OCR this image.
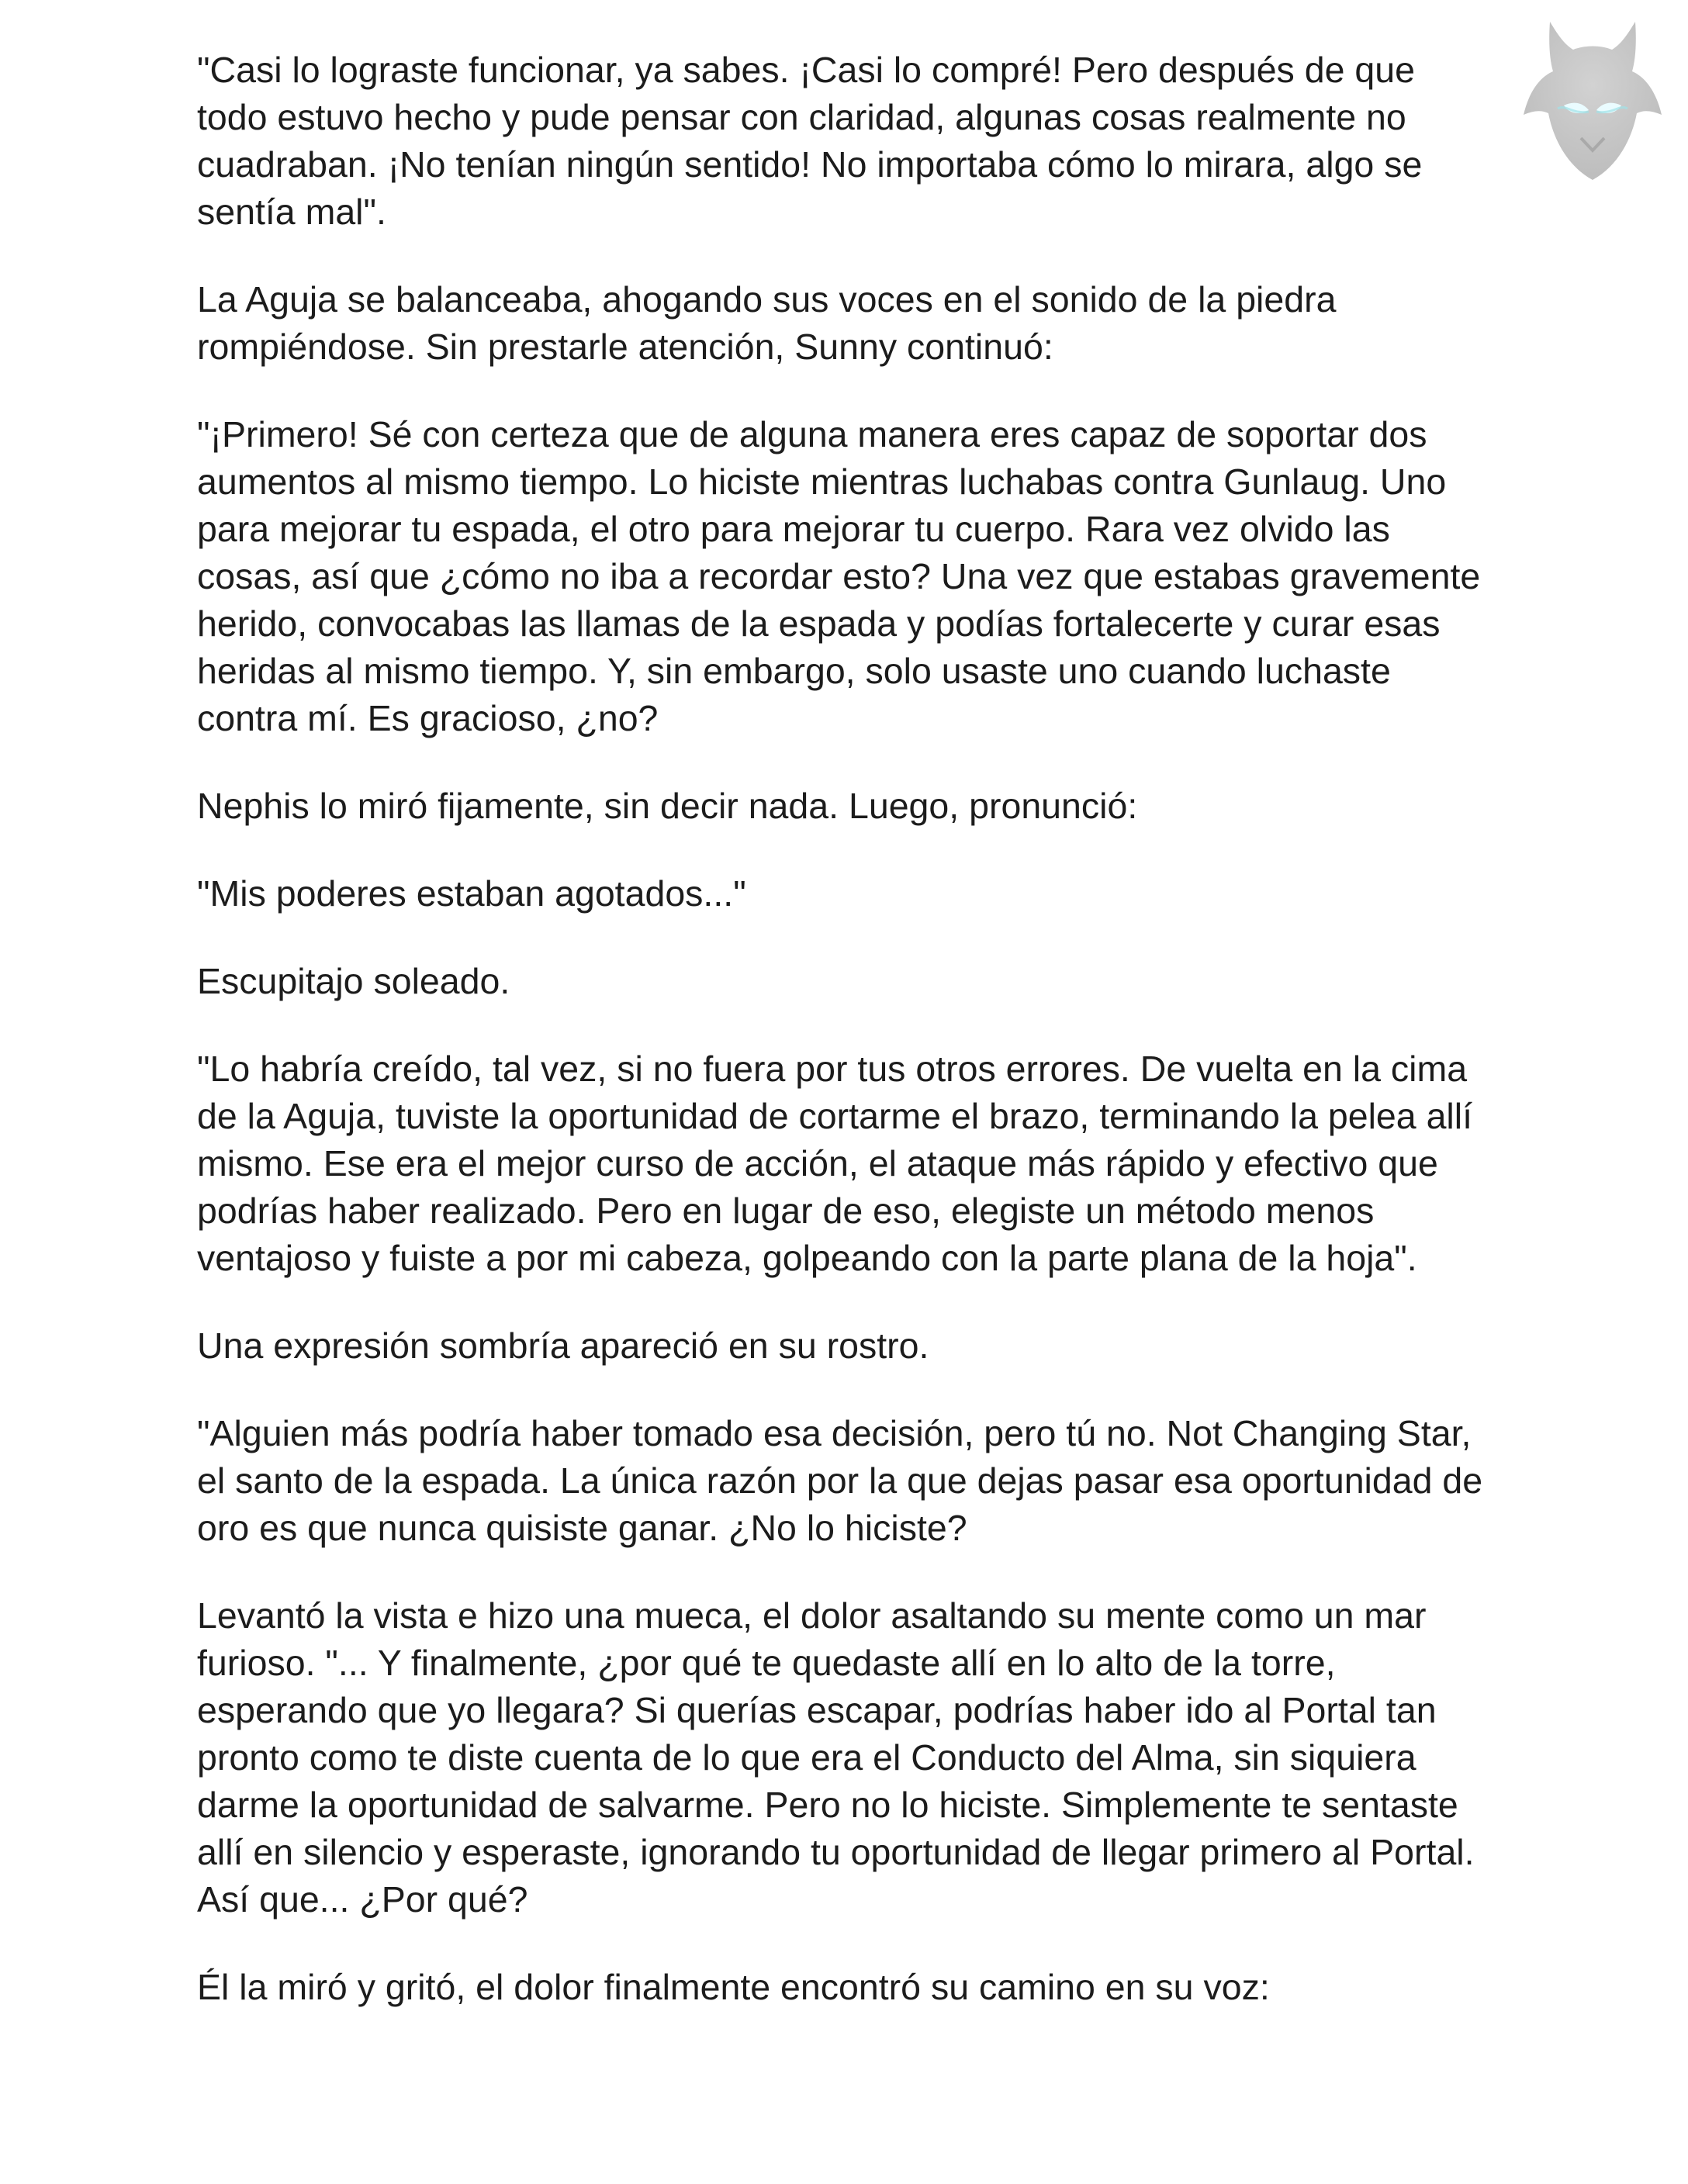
"Casi lo lograste funcionar, ya sabes. ¡Casi lo compré! Pero después de que todo estuvo hecho y pude pensar con claridad, algunas cosas realmente no cuadraban. ¡No tenían ningún sentido! No importaba cómo lo mirara, algo se sentía mal".

La Aguja se balanceaba, ahogando sus voces en el sonido de la piedra rompiéndose. Sin prestarle atención, Sunny continuó:

"¡Primero! Sé con certeza que de alguna manera eres capaz de soportar dos aumentos al mismo tiempo. Lo hiciste mientras luchabas contra Gunlaug. Uno para mejorar tu espada, el otro para mejorar tu cuerpo. Rara vez olvido las cosas, así que ¿cómo no iba a recordar esto? Una vez que estabas gravemente herido, convocabas las llamas de la espada y podías fortalecerte y curar esas heridas al mismo tiempo. Y, sin embargo, solo usaste uno cuando luchaste contra mí. Es gracioso, ¿no?

Nephis lo miró fijamente, sin decir nada. Luego, pronunció:

"Mis poderes estaban agotados..."

Escupitajo soleado.

"Lo habría creído, tal vez, si no fuera por tus otros errores. De vuelta en la cima de la Aguja, tuviste la oportunidad de cortarme el brazo, terminando la pelea allí mismo. Ese era el mejor curso de acción, el ataque más rápido y efectivo que podrías haber realizado. Pero en lugar de eso, elegiste un método menos ventajoso y fuiste a por mi cabeza, golpeando con la parte plana de la hoja".

Una expresión sombría apareció en su rostro.

"Alguien más podría haber tomado esa decisión, pero tú no. Not Changing Star, el santo de la espada. La única razón por la que dejas pasar esa oportunidad de oro es que nunca quisiste ganar. ¿No lo hiciste?

Levantó la vista e hizo una mueca, el dolor asaltando su mente como un mar furioso. "... Y finalmente, ¿por qué te quedaste allí en lo alto de la torre, esperando que yo llegara? Si querías escapar, podrías haber ido al Portal tan pronto como te diste cuenta de lo que era el Conducto del Alma, sin siquiera darme la oportunidad de salvarme. Pero no lo hiciste. Simplemente te sentaste allí en silencio y esperaste, ignorando tu oportunidad de llegar primero al Portal. Así que... ¿Por qué?

Él la miró y gritó, el dolor finalmente encontró su camino en su voz:
